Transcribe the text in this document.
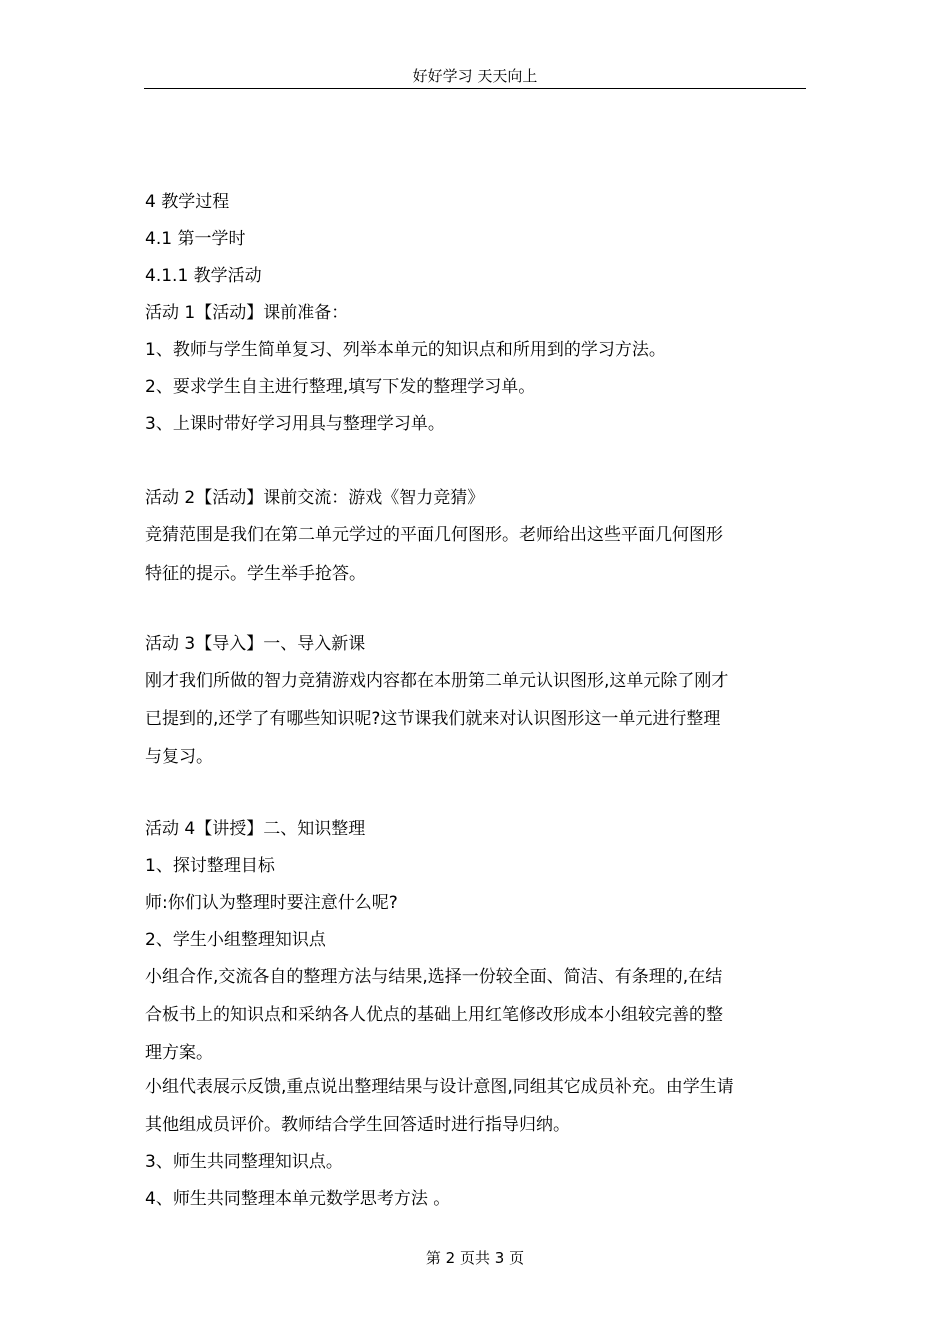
好好学习 天天向上
4 教学过程
4.1 第一学时
4.1.1 教学活动
活动 1【活动】课前准备：
1、教师与学生简单复习、列举本单元的知识点和所用到的学习方法。
2、要求学生自主进行整理,填写下发的整理学习单。
3、上课时带好学习用具与整理学习单。
活动 2【活动】课前交流：游戏《智力竞猜》
竞猜范围是我们在第二单元学过的平面几何图形。老师给出这些平面几何图形
特征的提示。学生举手抢答。
活动 3【导入】一、导入新课
刚才我们所做的智力竞猜游戏内容都在本册第二单元认识图形,这单元除了刚才
已提到的,还学了有哪些知识呢?这节课我们就来对认识图形这一单元进行整理
与复习。
活动 4【讲授】二、知识整理
1、探讨整理目标
师:你们认为整理时要注意什么呢?
2、学生小组整理知识点
小组合作,交流各自的整理方法与结果,选择一份较全面、简洁、有条理的,在结
合板书上的知识点和采纳各人优点的基础上用红笔修改形成本小组较完善的整
理方案。
小组代表展示反馈,重点说出整理结果与设计意图,同组其它成员补充。由学生请
其他组成员评价。教师结合学生回答适时进行指导归纳。
3、师生共同整理知识点。
4、师生共同整理本单元数学思考方法 。
第 2 页共 3 页
